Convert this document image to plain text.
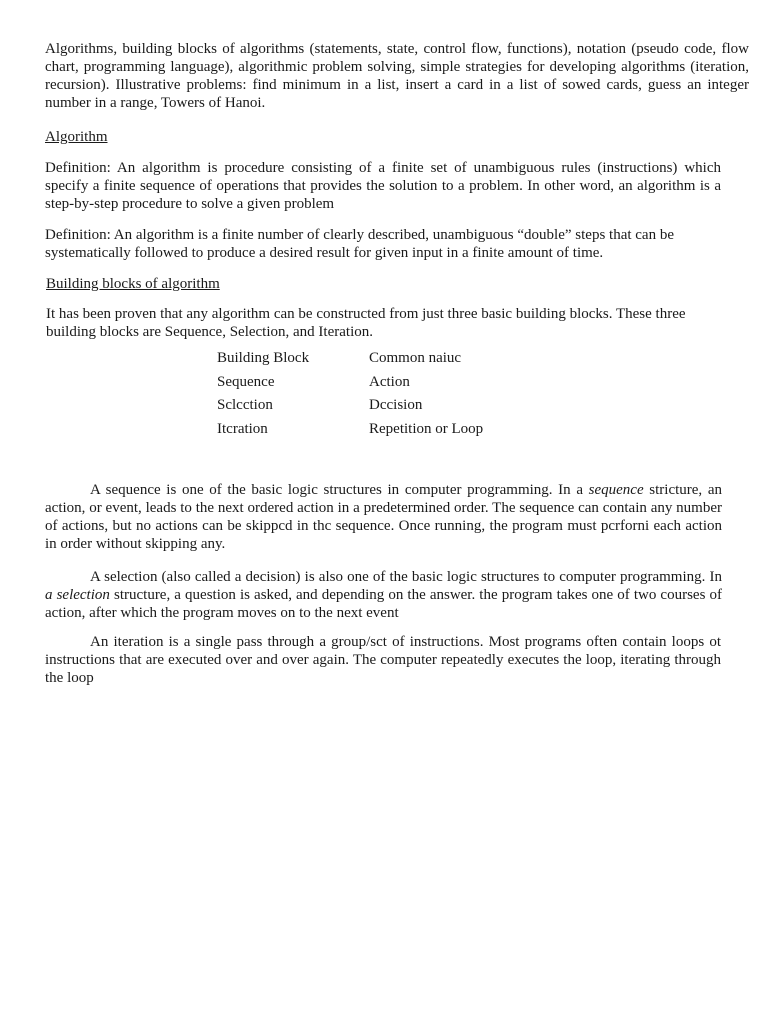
Algorithms, building blocks of algorithms (statements, state, control flow, functions), notation (pseudo code, flow chart, programming language), algorithmic problem solving, simple strategies for developing algorithms (iteration, recursion). Illustrative problems: find minimum in a list, insert a card in a list of sowed cards, guess an integer number in a range, Towers of Hanoi.

Algorithm

Definition: An algorithm is procedure consisting of a finite set of unambiguous rules (instructions) which specify a finite sequence of operations that provides the solution to a problem. In other word, an algorithm is a step-by-step procedure to solve a given problem

Definition: An algorithm is a finite number of clearly described, unambiguous “double” steps that can be systematically followed to produce a desired result for given input in a finite amount of time.

Building blocks of algorithm

It has been proven that any algorithm can be constructed from just three basic building blocks. These three building blocks are Sequence, Selection, and Iteration.

Building Block	Common naiuc
Sequence	Action
Sclcction	Dccision
Itcration	Repetition or Loop

A sequence is one of the basic logic structures in computer programming. In a sequence stricture, an action, or event, leads to the next ordered action in a predetermined order. The sequence can contain any number of actions, but no actions can be skippcd in thc sequence. Once running, the program must pcrforni each action in order without skipping any.

A selection (also called a decision) is also one of the basic logic structures to computer programming. In a selection structure, a question is asked, and depending on the answer. the program takes one of two courses of action, after which the program moves on to the next event

An iteration is a single pass through a group/sct of instructions. Most programs often contain loops ot instructions that are executed over and over again. The computer repeatedly executes the loop, iterating through the loop
